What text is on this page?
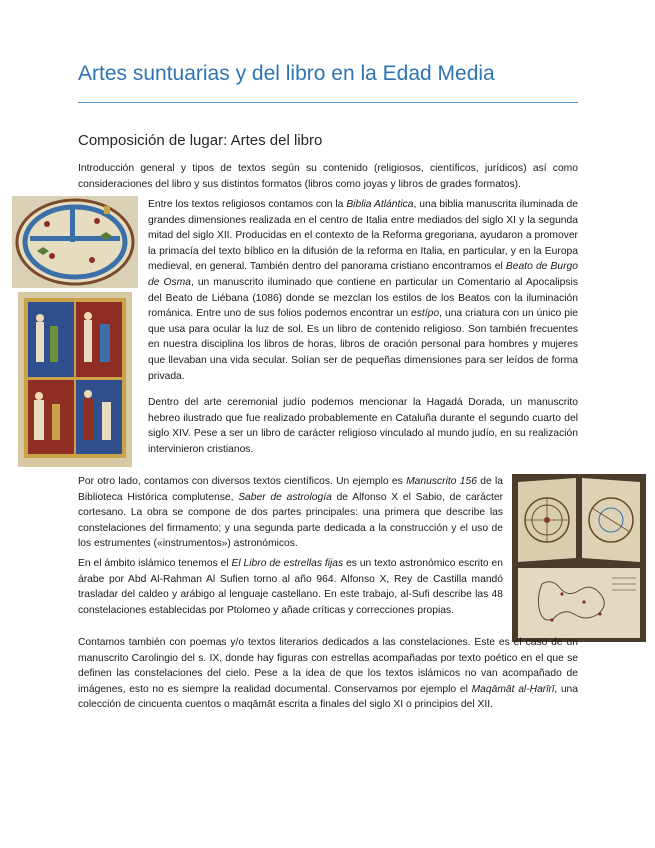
Artes suntuarias y del libro en la Edad Media
Composición de lugar: Artes del libro

Introducción general y tipos de textos según su contenido (religiosos, científicos, jurídicos) así como consideraciones del libro y sus distintos formatos (libros como joyas y libros de grades formatos).

Entre los textos religiosos contamos con la Biblia Atlántica, una biblia manuscrita iluminada de grandes dimensiones realizada en el centro de Italia entre mediados del siglo XI y la segunda mitad del siglo XII. Producidas en el contexto de la Reforma gregoriana, ayudaron a promover la primacía del texto bíblico en la difusión de la reforma en Italia, en particular, y en la Europa medieval, en general. También dentro del panorama cristiano encontramos el Beato de Burgo de Osma, un manuscrito iluminado que contiene en particular un Comentario al Apocalipsis del Beato de Liébana (1086) donde se mezclan los estilos de los Beatos con la iluminación románica. Entre uno de sus folios podemos encontrar un estípo, una criatura con un único pie que usa para ocular la luz de sol. Es un libro de contenido religioso. Son también frecuentes en nuestra disciplina los libros de horas, libros de oración personal para hombres y mujeres que llevaban una vida secular. Solían ser de pequeñas dimensiones para ser leídos de forma privada.

Dentro del arte ceremonial judío podemos mencionar la Hagadá Dorada, un manuscrito hebreo ilustrado que fue realizado probablemente en Cataluña durante el segundo cuarto del siglo XIV. Pese a ser un libro de carácter religioso vinculado al mundo judío, en su realización intervinieron cristianos.

Por otro lado, contamos con diversos textos científicos. Un ejemplo es Manuscrito 156 de la Biblioteca Histórica complutense, Saber de astrología de Alfonso X el Sabio, de carácter cortesano. La obra se compone de dos partes principales: una primera que describe las constelaciones del firmamento; y una segunda parte dedicada a la construcción y el uso de los estrumentes («instrumentos») astronómicos.

En el ámbito islámico tenemos el El Libro de estrellas fijas es un texto astronómico escrito en árabe por Abd Al-Rahman Al Sufien torno al año 964. Alfonso X, Rey de Castilla mandó trasladar del caldeo y arábigo al lenguaje castellano. En este trabajo, al-Sufi describe las 48 constelaciones establecidas por Ptolomeo y añade críticas y correcciones propias.

Contamos también con poemas y/o textos literarios dedicados a las constelaciones. Este es el caso de un manuscrito Carolingio del s. IX, donde hay figuras con estrellas acompañadas por texto poético en el que se definen las constelaciones del cielo. Pese a la idea de que los textos islámicos no van acompañado de imágenes, esto no es siempre la realidad documental. Conservamos por ejemplo el Maqāmāt al-Ḥarīrī, una colección de cincuenta cuentos o maqāmāt escrita a finales del siglo XI o principios del XII.
